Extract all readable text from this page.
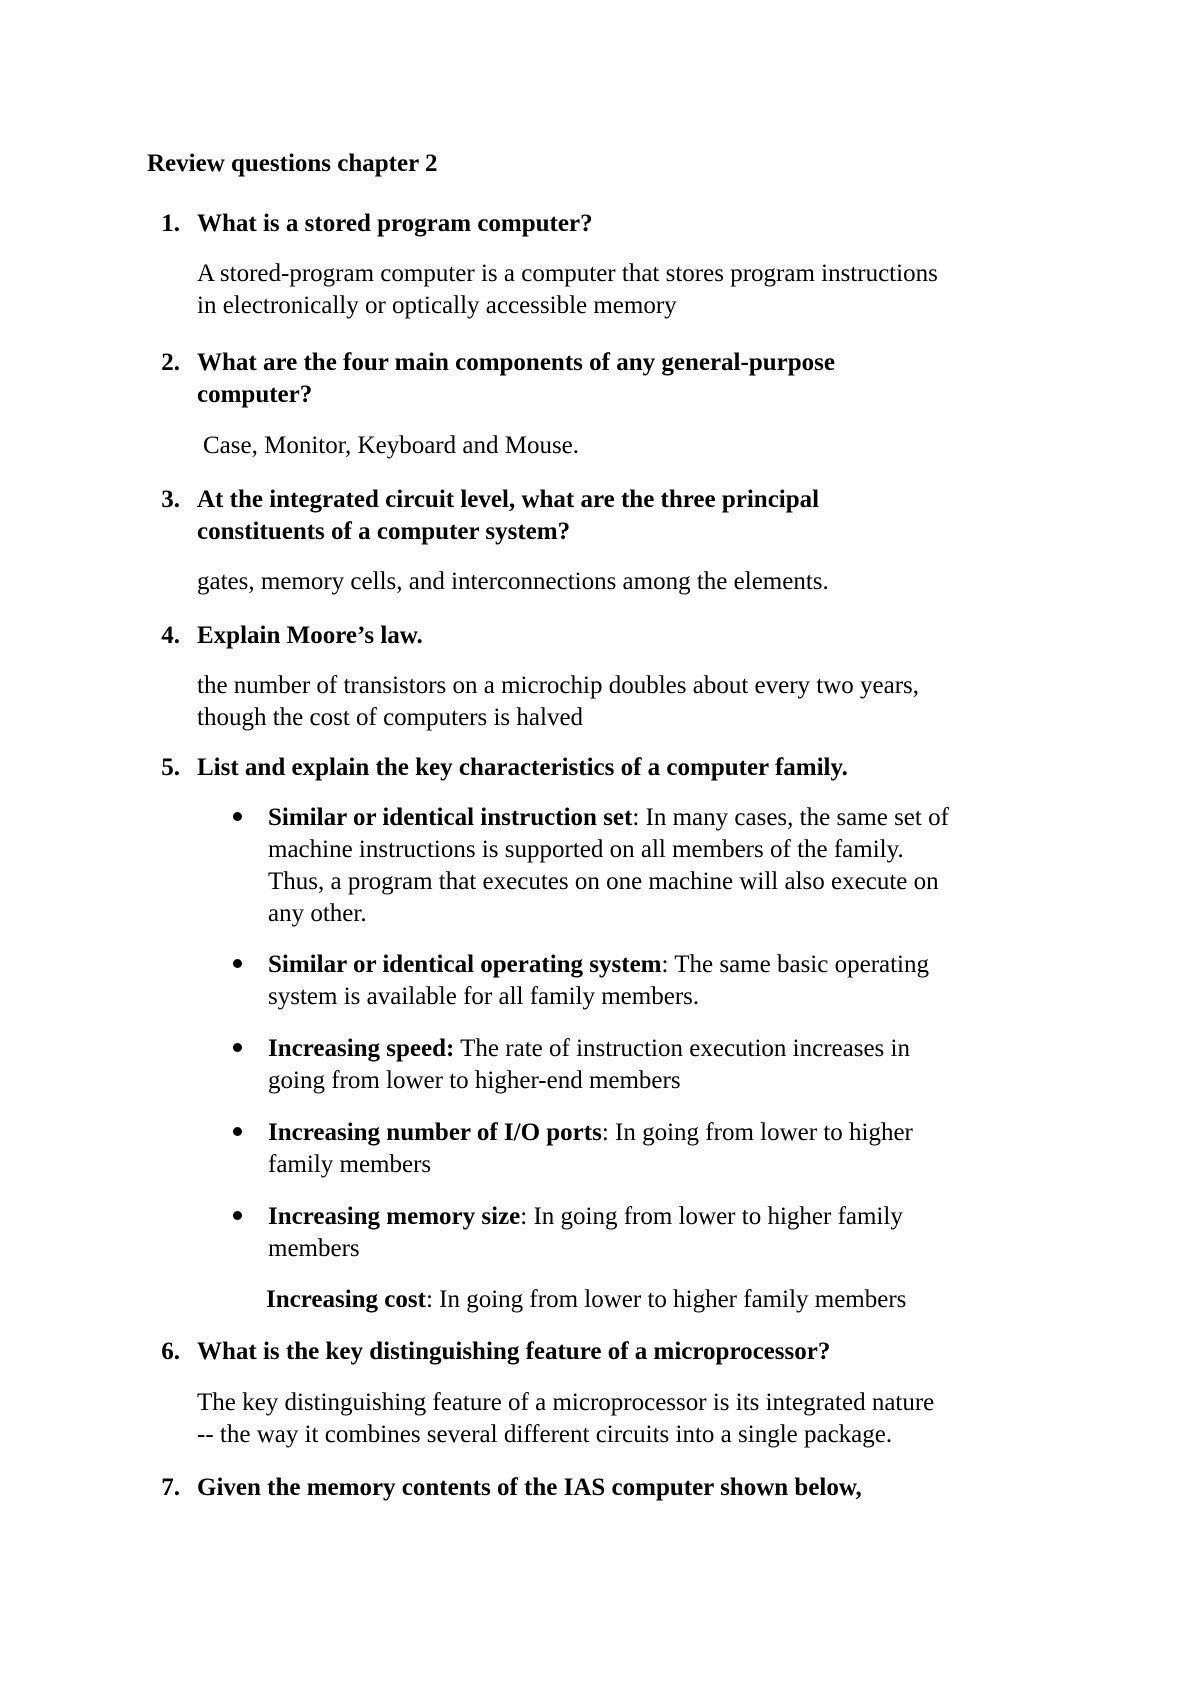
Review questions chapter 2
1. What is a stored program computer?
A stored-program computer is a computer that stores program instructions
in electronically or optically accessible memory
2. What are the four main components of any general-purpose
computer?
Case, Monitor, Keyboard and Mouse.
3. At the integrated circuit level, what are the three principal
constituents of a computer system?
gates, memory cells, and interconnections among the elements.
4. Explain Moore’s law.
the number of transistors on a microchip doubles about every two years,
though the cost of computers is halved
5. List and explain the key characteristics of a computer family.
Similar or identical instruction set: In many cases, the same set of
machine instructions is supported on all members of the family.
Thus, a program that executes on one machine will also execute on
any other.
Similar or identical operating system: The same basic operating
system is available for all family members.
Increasing speed: The rate of instruction execution increases in
going from lower to higher-end members
Increasing number of I/O ports: In going from lower to higher
family members
Increasing memory size: In going from lower to higher family
members
Increasing cost: In going from lower to higher family members
6. What is the key distinguishing feature of a microprocessor?
The key distinguishing feature of a microprocessor is its integrated nature
-- the way it combines several different circuits into a single package.
7. Given the memory contents of the IAS computer shown below,
